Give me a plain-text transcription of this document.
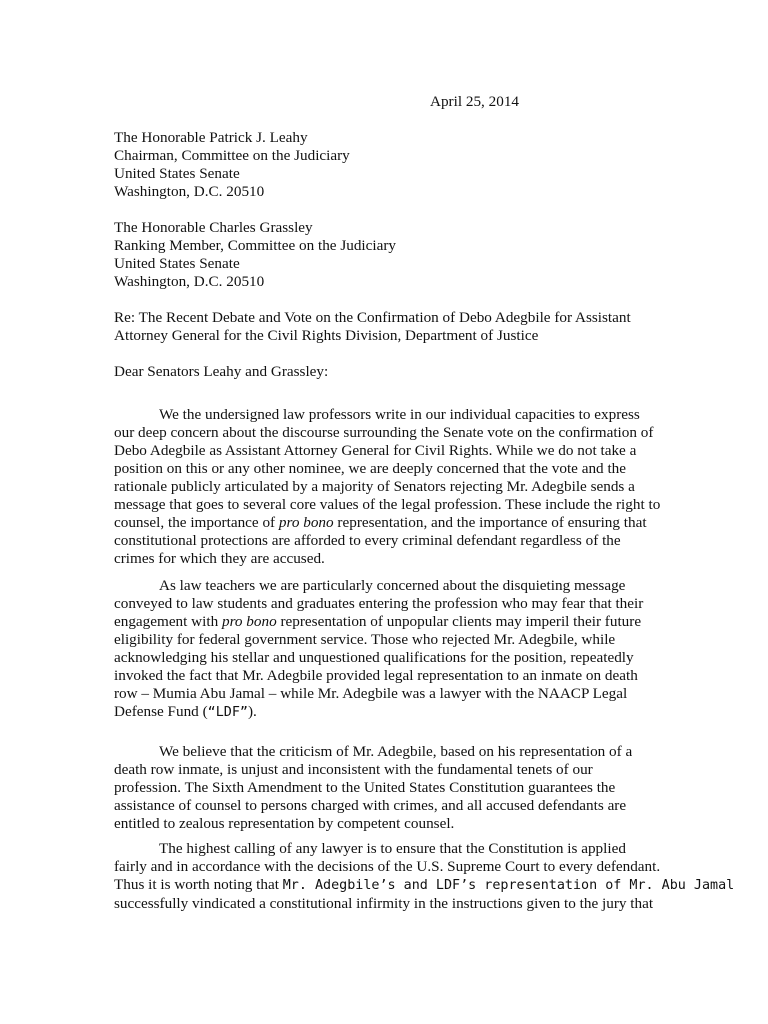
April 25, 2014
The Honorable Patrick J. Leahy
Chairman, Committee on the Judiciary
United States Senate
Washington, D.C. 20510
The Honorable Charles Grassley
Ranking Member, Committee on the Judiciary
United States Senate
Washington, D.C. 20510
Re: The Recent Debate and Vote on the Confirmation of Debo Adegbile for Assistant
Attorney General for the Civil Rights Division, Department of Justice
Dear Senators Leahy and Grassley:
We the undersigned law professors write in our individual capacities to express
our deep concern about the discourse surrounding the Senate vote on the confirmation of
Debo Adegbile as Assistant Attorney General for Civil Rights. While we do not take a
position on this or any other nominee, we are deeply concerned that the vote and the
rationale publicly articulated by a majority of Senators rejecting Mr. Adegbile sends a
message that goes to several core values of the legal profession. These include the right to
counsel, the importance of pro bono representation, and the importance of ensuring that
constitutional protections are afforded to every criminal defendant regardless of the
crimes for which they are accused.
As law teachers we are particularly concerned about the disquieting message
conveyed to law students and graduates entering the profession who may fear that their
engagement with pro bono representation of unpopular clients may imperil their future
eligibility for federal government service. Those who rejected Mr. Adegbile, while
acknowledging his stellar and unquestioned qualifications for the position, repeatedly
invoked the fact that Mr. Adegbile provided legal representation to an inmate on death
row – Mumia Abu Jamal – while Mr. Adegbile was a lawyer with the NAACP Legal
Defense Fund (“LDF”).
We believe that the criticism of Mr. Adegbile, based on his representation of a
death row inmate, is unjust and inconsistent with the fundamental tenets of our
profession. The Sixth Amendment to the United States Constitution guarantees the
assistance of counsel to persons charged with crimes, and all accused defendants are
entitled to zealous representation by competent counsel.
The highest calling of any lawyer is to ensure that the Constitution is applied
fairly and in accordance with the decisions of the U.S. Supreme Court to every defendant.
Thus it is worth noting that Mr. Adegbile’s and LDF’s representation of Mr. Abu Jamal
successfully vindicated a constitutional infirmity in the instructions given to the jury that
